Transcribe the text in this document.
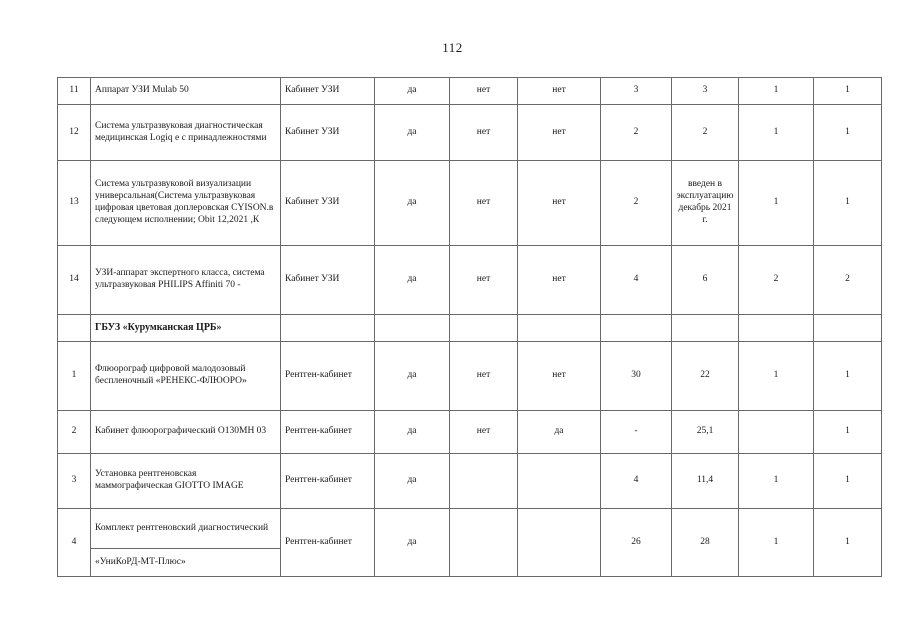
112
11	Аппарат УЗИ Mulab 50	Кабинет УЗИ	да	нет	нет	3	3	1	1
12	Система ультразвуковая диагностическая медицинская Logiq e с принадлежностями	Кабинет УЗИ	да	нет	нет	2	2	1	1
13	Система ультразвуковой визуализации универсальная(Система ультразвуковая цифровая цветовая доплеровская CYISON.в следующем исполнении; Obit 12,2021 ,К	Кабинет УЗИ	да	нет	нет	2	введен в эксплуатацию декабрь 2021 г.	1	1
14	УЗИ-аппарат экспертного класса, система ультразвуковая PHILIPS Affiniti 70 -	Кабинет УЗИ	да	нет	нет	4	6	2	2
	ГБУЗ «Курумканская ЦРБ»								
1	Флюорограф цифровой малодозовый беспленочный «РЕНЕКС-ФЛЮОРО»	Рентген-кабинет	да	нет	нет	30	22	1	1
2	Кабинет флюорографический О130МН 03	Рентген-кабинет	да	нет	да	-	25,1		1
3	Установка рентгеновская маммографическая GIOTTO IMAGE	Рентген-кабинет	да			4	11,4	1	1
4	Комплект рентгеновский диагностический	Рентген-кабинет	да			26	28	1	1
	«УниКоРД-МТ-Плюс»								
